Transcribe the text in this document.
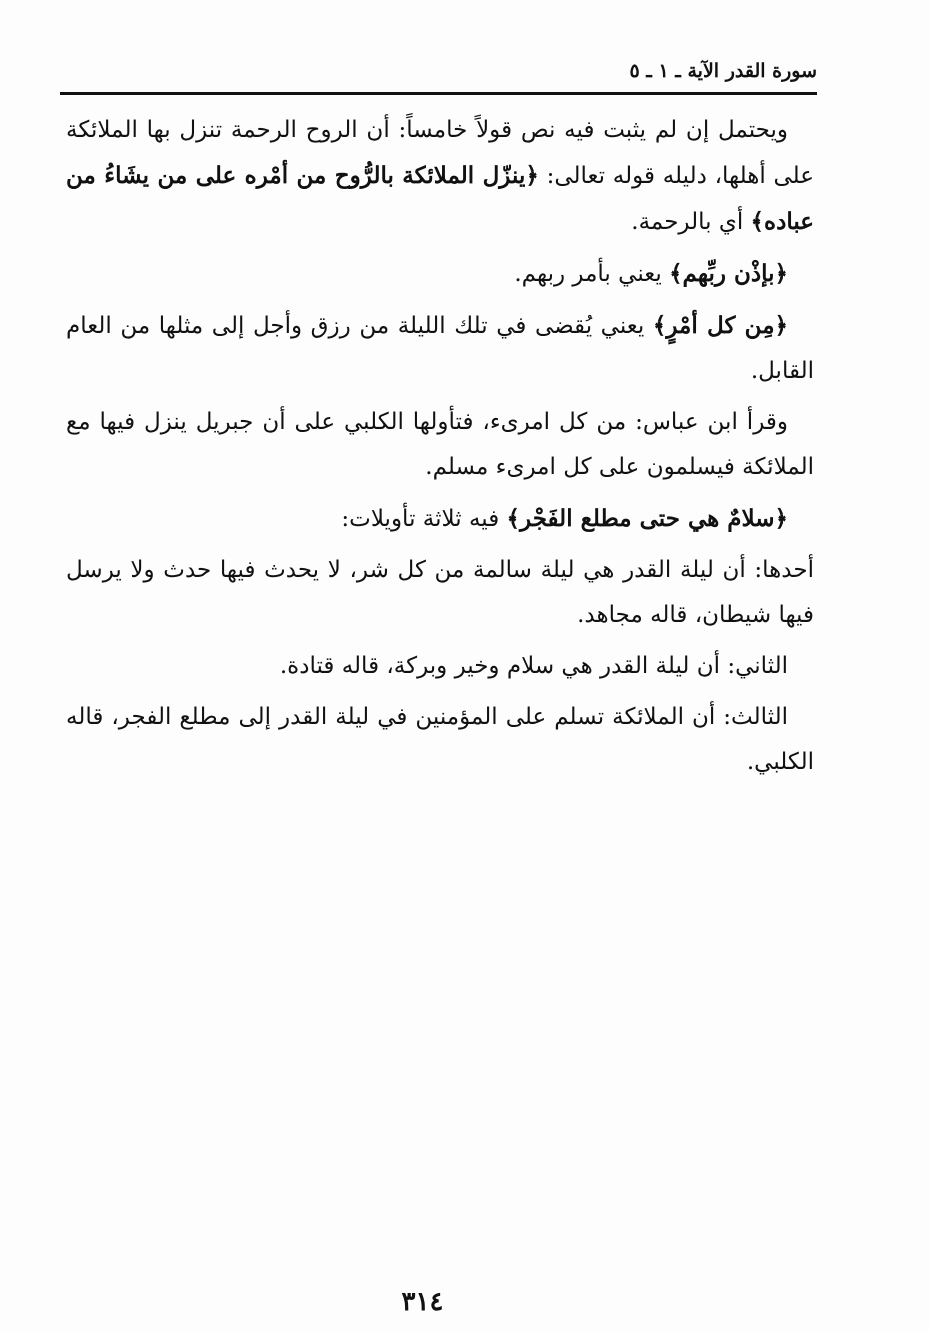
سورة القدر الآية ـ ١ ـ ٥

ويحتمل إن لم يثبت فيه نص قولاً خامساً: أن الروح الرحمة تنزل بها الملائكة على أهلها، دليله قوله تعالى: ﴿ينزّل الملائكة بالرُّوح من أمْره على من يشَاءُ من عباده﴾ أي بالرحمة.

﴿بإذْن ربِّهم﴾ يعني بأمر ربهم.

﴿مِن كل أمْرٍ﴾ يعني يُقضى في تلك الليلة من رزق وأجل إلى مثلها من العام القابل.

وقرأ ابن عباس: من كل امرىء، فتأولها الكلبي على أن جبريل ينزل فيها مع الملائكة فيسلمون على كل امرىء مسلم.

﴿سلامٌ هي حتى مطلع الفَجْر﴾ فيه ثلاثة تأويلات:

أحدها: أن ليلة القدر هي ليلة سالمة من كل شر، لا يحدث فيها حدث ولا يرسل فيها شيطان، قاله مجاهد.

الثاني: أن ليلة القدر هي سلام وخير وبركة، قاله قتادة.

الثالث: أن الملائكة تسلم على المؤمنين في ليلة القدر إلى مطلع الفجر، قاله الكلبي.

٣١٤
